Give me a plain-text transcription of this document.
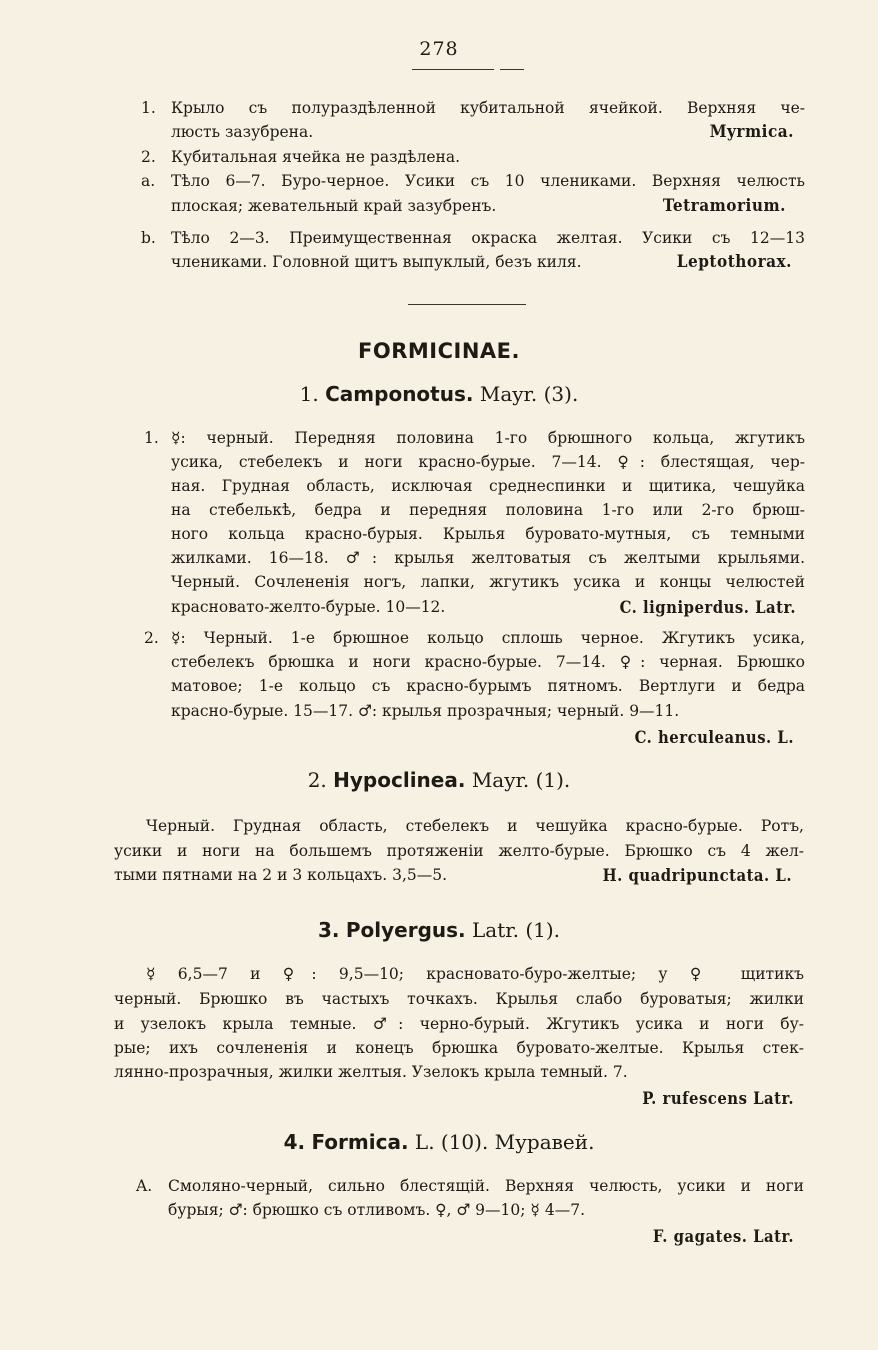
278
1. Крыло съ полураздѣленной кубитальной ячейкой. Верхняя че-
люсть зазубрена.	Myrmica.
2. Кубитальная ячейка не раздѣлена.
a. Тѣло 6—7. Буро-черное. Усики съ 10 члениками. Верхняя челюсть
плоская; жевательный край зазубренъ.	Tetramorium.
b. Тѣло 2—3. Преимущественная окраска желтая. Усики съ 12—13
члениками. Головной щитъ выпуклый, безъ киля.	Leptothorax.
FORMICINAE.
1. Camponotus. Mayr. (3).
1. ☿: черный. Передняя половина 1-го брюшного кольца, жгутикъ
усика, стебелекъ и ноги красно-бурые. 7—14. ♀: блестящая, чер-
ная. Грудная область, исключая среднеспинки и щитика, чешуйка
на стебелькѣ, бедра и передняя половина 1-го или 2-го брюш-
ного кольца красно-бурыя. Крылья буровато-мутныя, съ темными
жилками. 16—18. ♂: крылья желтоватыя съ желтыми крыльями.
Черный. Сочлененія ногъ, лапки, жгутикъ усика и концы челюстей
красновато-желто-бурые. 10—12.	C. ligniperdus. Latr.
2. ☿: Черный. 1-е брюшное кольцо сплошь черное. Жгутикъ усика,
стебелекъ брюшка и ноги красно-бурые. 7—14. ♀: черная. Брюшко
матовое; 1-е кольцо съ красно-бурымъ пятномъ. Вертлуги и бедра
красно-бурые. 15—17. ♂: крылья прозрачныя; черный. 9—11.
C. herculeanus. L.
2. Hypoclinea. Mayr. (1).
Черный. Грудная область, стебелекъ и чешуйка красно-бурые. Ротъ,
усики и ноги на большемъ протяженіи желто-бурые. Брюшко съ 4 жел-
тыми пятнами на 2 и 3 кольцахъ. 3,5—5.	H. quadripunctata. L.
3. Polyergus. Latr. (1).
☿ 6,5—7 и ♀: 9,5—10; красновато-буро-желтые; у ♀ щитикъ
черный. Брюшко въ частыхъ точкахъ. Крылья слабо буроватыя; жилки
и узелокъ крыла темные. ♂: черно-бурый. Жгутикъ усика и ноги бу-
рые; ихъ сочлененія и конецъ брюшка буровато-желтые. Крылья стек-
лянно-прозрачныя, жилки желтыя. Узелокъ крыла темный. 7.
P. rufescens Latr.
4. Formica. L. (10). Муравей.
A. Смоляно-черный, сильно блестящій. Верхняя челюсть, усики и ноги
бурыя; ♂: брюшко съ отливомъ. ♀, ♂ 9—10; ☿ 4—7.
F. gagates. Latr.
